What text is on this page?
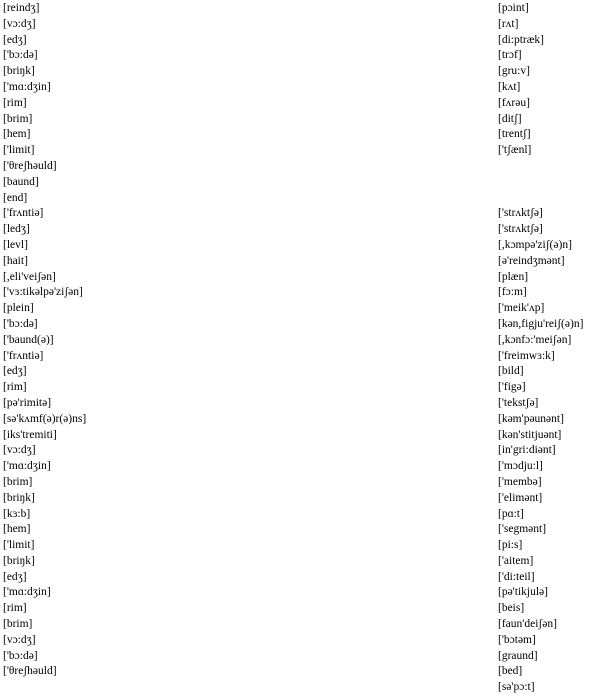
[reindʒ]
[vɔ:dʒ]
[edʒ]
['bɔ:də]
[briŋk]
['mɑ:dʒin]
[rim]
[brim]
[hem]
['limit]
['θreʃhəuld]
[baund]
[end]
['frʌntiə]
[ledʒ]
[levl]
[hait]
[,eli'veiʃən]
['vɜ:tikəlpə'ziʃən]
[plein]
['bɔ:də]
['baund(ə)]
['frʌntiə]
[edʒ]
[rim]
[pə'rimitə]
[sə'kʌmf(ə)r(ə)ns]
[iks'tremiti]
[vɔ:dʒ]
['mɑ:dʒin]
[brim]
[briŋk]
[kɜ:b]
[hem]
['limit]
[briŋk]
[edʒ]
['mɑ:dʒin]
[rim]
[brim]
[vɔ:dʒ]
['bɔ:də]
['θreʃhəuld]
[pɔint]
[rʌt]
[di:ptræk]
[trɔf]
[gru:v]
[kʌt]
[fʌrəu]
[ditʃ]
[trentʃ]
['tʃænl]
['strʌktʃə]
['strʌktʃə]
[,kɔmpə'ziʃ(ə)n]
[ə'reindʒmənt]
[plæn]
[fɔ:m]
['meik'ʌp]
[kən,figju'reiʃ(ə)n]
[,kɔnfɔ:'meiʃən]
['freimwɜ:k]
[bild]
['figə]
['tekstʃə]
[kəm'pəunənt]
[kən'stitjuənt]
[in'gri:diənt]
['mɔdju:l]
['membə]
['elimənt]
[pɑ:t]
['segmənt]
[pi:s]
['aitem]
['di:teil]
[pə'tikjulə]
[beis]
[faun'deiʃən]
['bɔtəm]
[graund]
[bed]
[sə'pɔ:t]
